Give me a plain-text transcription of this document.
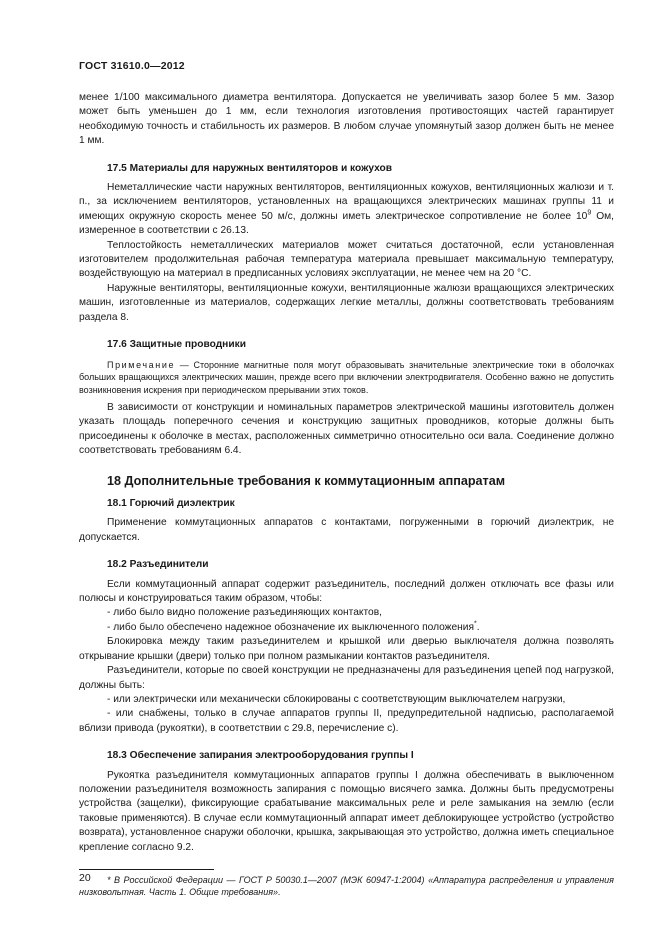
ГОСТ 31610.0—2012

менее 1/100 максимального диаметра вентилятора. Допускается не увеличивать зазор более 5 мм. Зазор может быть уменьшен до 1 мм, если технология изготовления противостоящих частей гарантирует необходимую точность и стабильность их размеров. В любом случае упомянутый зазор должен быть не менее 1 мм.

17.5 Материалы для наружных вентиляторов и кожухов

Неметаллические части наружных вентиляторов, вентиляционных кожухов, вентиляционных жалюзи и т. п., за исключением вентиляторов, установленных на вращающихся электрических машинах группы 11 и имеющих окружную скорость менее 50 м/с, должны иметь электрическое сопротивление не более $10^9$ Ом, измеренное в соответствии с 26.13.

Теплостойкость неметаллических материалов может считаться достаточной, если установленная изготовителем продолжительная рабочая температура материала превышает максимальную температуру, воздействующую на материал в предписанных условиях эксплуатации, не менее чем на 20 °С.

Наружные вентиляторы, вентиляционные кожухи, вентиляционные жалюзи вращающихся электрических машин, изготовленные из материалов, содержащих легкие металлы, должны соответствовать требованиям раздела 8.

17.6 Защитные проводники

Примечание — Сторонние магнитные поля могут образовывать значительные электрические токи в оболочках больших вращающихся электрических машин, прежде всего при включении электродвигателя. Особенно важно не допустить возникновения искрения при периодическом прерывании этих токов.

В зависимости от конструкции и номинальных параметров электрической машины изготовитель должен указать площадь поперечного сечения и конструкцию защитных проводников, которые должны быть присоединены к оболочке в местах, расположенных симметрично относительно оси вала. Соединение должно соответствовать требованиям 6.4.

18 Дополнительные требования к коммутационным аппаратам

18.1 Горючий диэлектрик

Применение коммутационных аппаратов с контактами, погруженными в горючий диэлектрик, не допускается.

18.2 Разъединители

Если коммутационный аппарат содержит разъединитель, последний должен отключать все фазы или полюсы и конструироваться таким образом, чтобы:

- либо было видно положение разъединяющих контактов,

- либо было обеспечено надежное обозначение их выключенного положения*.

Блокировка между таким разъединителем и крышкой или дверью выключателя должна позволять открывание крышки (двери) только при полном размыкании контактов разъединителя.

Разъединители, которые по своей конструкции не предназначены для разъединения цепей под нагрузкой, должны быть:

- или электрически или механически сблокированы с соответствующим выключателем нагрузки,

- или снабжены, только в случае аппаратов группы II, предупредительной надписью, располагаемой вблизи привода (рукоятки), в соответствии с 29.8, перечисление c).

18.3 Обеспечение запирания электрооборудования группы I

Рукоятка разъединителя коммутационных аппаратов группы I должна обеспечивать в выключенном положении разъединителя возможность запирания с помощью висячего замка. Должны быть предусмотрены устройства (защелки), фиксирующие срабатывание максимальных реле и реле замыкания на землю (если таковые применяются). В случае если коммутационный аппарат имеет деблокирующее устройство (устройство возврата), установленное снаружи оболочки, крышка, закрывающая это устройство, должна иметь специальное крепление согласно 9.2.

* В Российской Федерации — ГОСТ Р 50030.1—2007 (МЭК 60947-1:2004) «Аппаратура распределения и управления низковольтная. Часть 1. Общие требования».

20
